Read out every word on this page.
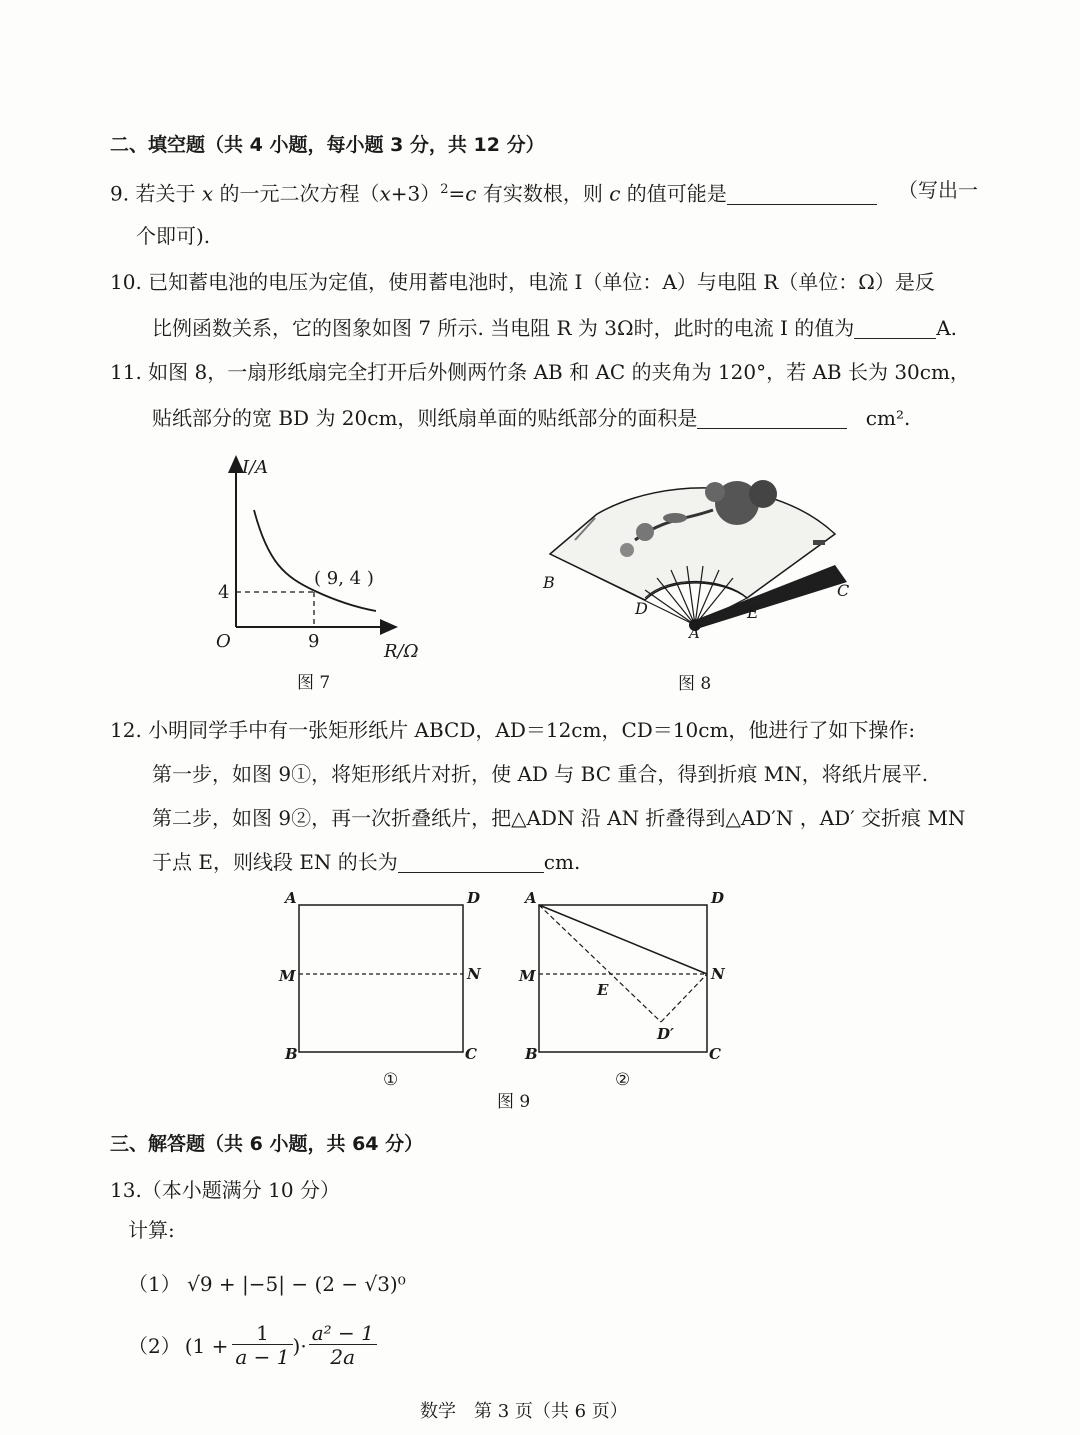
二、填空题（共 4 小题，每小题 3 分，共 12 分）
9. 若关于 x 的一元二次方程$(x+3)^2=c$ 有实数根，则 c 的值可能是	（写出一
个即可).
10. 已知蓄电池的电压为定值，使用蓄电池时，电流 I（单位：A）与电阻 R（单位：Ω）是反
比例函数关系，它的图象如图 7 所示. 当电阻 R 为 3Ω时，此时的电流 I 的值为	A.
11. 如图 8，一扇形纸扇完全打开后外侧两竹条 AB 和 AC 的夹角为 120°，若 AB 长为 30cm，
贴纸部分的宽 BD 为 20cm，则纸扇单面的贴纸部分的面积是	cm².
I/A
R/Ω
O	9
4
( 9, 4 )
图 7
B	C
D	E
A
图 8
12. 小明同学手中有一张矩形纸片 ABCD，AD＝12cm，CD＝10cm，他进行了如下操作:
第一步，如图 9①，将矩形纸片对折，使 AD 与 BC 重合，得到折痕 MN，将纸片展平.
第二步，如图 9②，再一次折叠纸片，把△ADN 沿 AN 折叠得到△AD′N ，AD′ 交折痕 MN
于点 E，则线段 EN 的长为	cm.
A	D
M	N
B	C
①
A	D
M	N
E
D′
B	C
②
图 9
三、解答题（共 6 小题，共 64 分）
13.（本小题满分 10 分）
计算:
（1） √9 + |−5| − (2 − √3)⁰
（2） ($1 + \frac{1}{a - 1}$ )· $\frac{\text{a² − 1}}{2a}$
数学　第 3 页（共 6 页）
